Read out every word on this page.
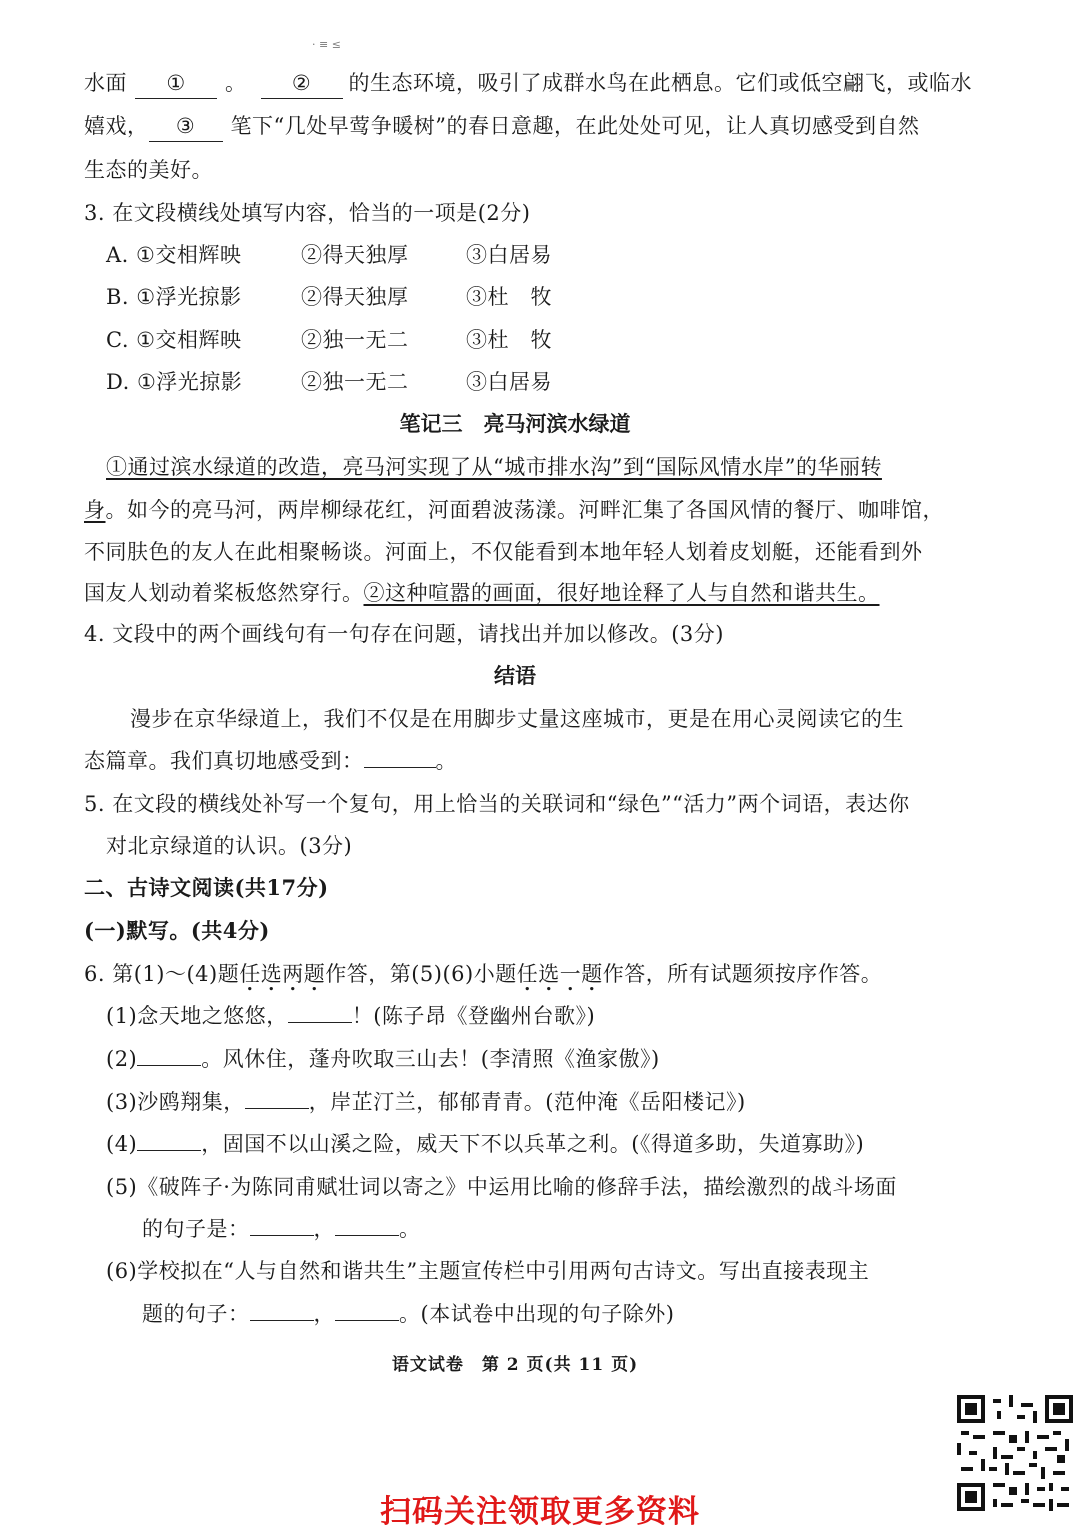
· ≡ ≤
水面 ① 。 ② 的生态环境，吸引了成群水鸟在此栖息。它们或低空翩飞，或临水
嬉戏， ③ 笔下“几处早莺争暖树”的春日意趣，在此处处可见，让人真切感受到自然
生态的美好。
3. 在文段横线处填写内容，恰当的一项是(2分)
A. ①交相辉映	②得天独厚	③白居易
B. ①浮光掠影	②得天独厚	③杜　牧
C. ①交相辉映	②独一无二	③杜　牧
D. ①浮光掠影	②独一无二	③白居易
笔记三　亮马河滨水绿道
①通过滨水绿道的改造，亮马河实现了从“城市排水沟”到“国际风情水岸”的华丽转
身。如今的亮马河，两岸柳绿花红，河面碧波荡漾。河畔汇集了各国风情的餐厅、咖啡馆，
不同肤色的友人在此相聚畅谈。河面上，不仅能看到本地年轻人划着皮划艇，还能看到外
国友人划动着桨板悠然穿行。②这种喧嚣的画面，很好地诠释了人与自然和谐共生。
4. 文段中的两个画线句有一句存在问题，请找出并加以修改。(3分)
结语
漫步在京华绿道上，我们不仅是在用脚步丈量这座城市，更是在用心灵阅读它的生
态篇章。我们真切地感受到：	。
5. 在文段的横线处补写一个复句，用上恰当的关联词和“绿色”“活力”两个词语，表达你
对北京绿道的认识。(3分)
二、古诗文阅读(共17分)
(一)默写。(共4分)
6. 第(1)～(4)题任选两题作答，第(5)(6)小题任选一题作答，所有试题须按序作答。
(1)念天地之悠悠，	！(陈子昂《登幽州台歌》)
(2)	。风休住，蓬舟吹取三山去！(李清照《渔家傲》)
(3)沙鸥翔集，	，岸芷汀兰，郁郁青青。(范仲淹《岳阳楼记》)
(4)	，固国不以山溪之险，威天下不以兵革之利。(《得道多助，失道寡助》)
(5)《破阵子·为陈同甫赋壮词以寄之》中运用比喻的修辞手法，描绘激烈的战斗场面
的句子是：	，	。
(6)学校拟在“人与自然和谐共生”主题宣传栏中引用两句古诗文。写出直接表现主
题的句子：	，	。(本试卷中出现的句子除外)
语文试卷　第 2 页(共 11 页)
扫码关注领取更多资料
